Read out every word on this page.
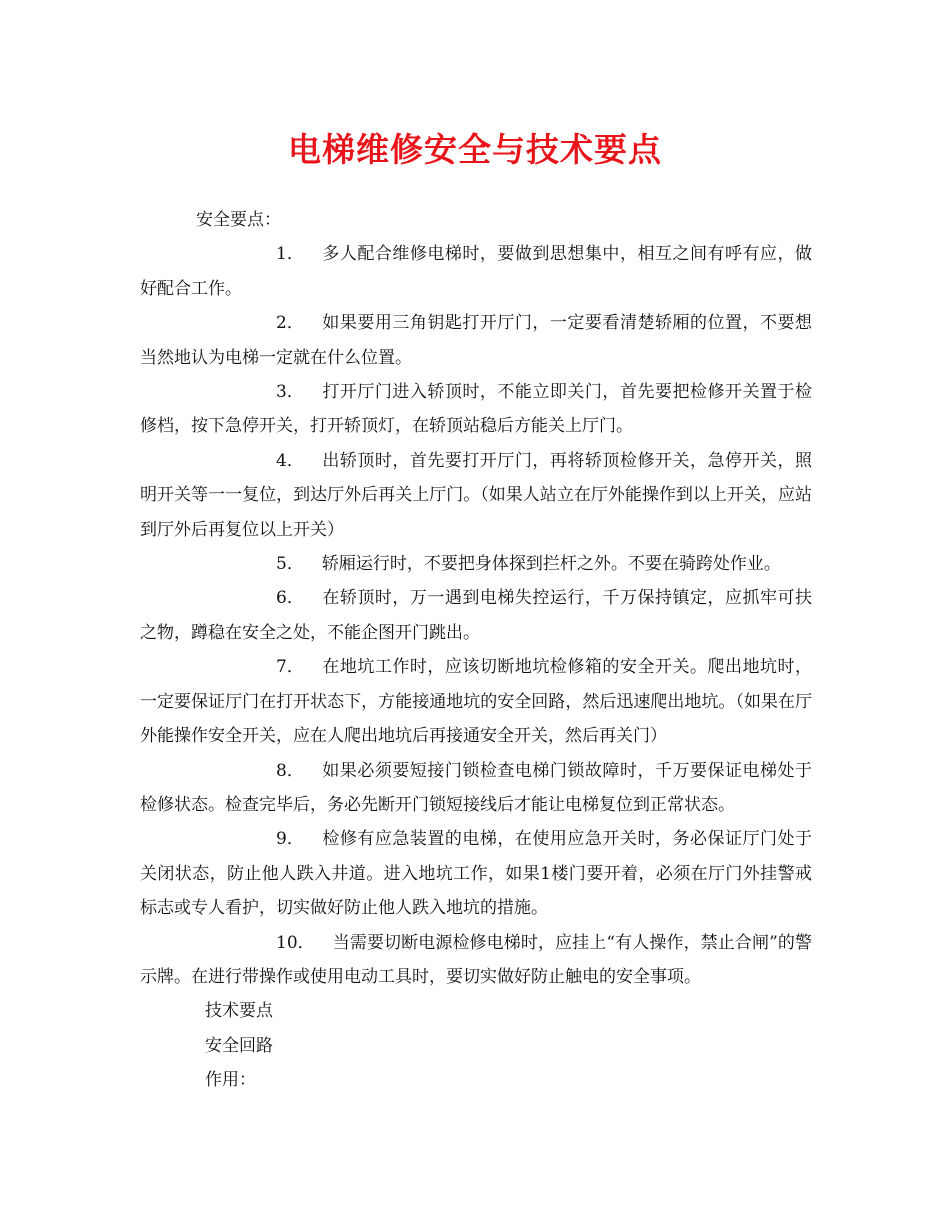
电梯维修安全与技术要点

安全要点：

1． 多人配合维修电梯时，要做到思想集中，相互之间有呼有应，做好配合工作。

2． 如果要用三角钥匙打开厅门，一定要看清楚轿厢的位置，不要想当然地认为电梯一定就在什么位置。

3． 打开厅门进入轿顶时，不能立即关门，首先要把检修开关置于检修档，按下急停开关，打开轿顶灯，在轿顶站稳后方能关上厅门。

4． 出轿顶时，首先要打开厅门，再将轿顶检修开关，急停开关，照明开关等一一复位，到达厅外后再关上厅门。（如果人站立在厅外能操作到以上开关，应站到厅外后再复位以上开关）

5． 轿厢运行时，不要把身体探到拦杆之外。不要在骑跨处作业。

6． 在轿顶时，万一遇到电梯失控运行，千万保持镇定，应抓牢可扶之物，蹲稳在安全之处，不能企图开门跳出。

7． 在地坑工作时，应该切断地坑检修箱的安全开关。爬出地坑时，一定要保证厅门在打开状态下，方能接通地坑的安全回路，然后迅速爬出地坑。（如果在厅外能操作安全开关，应在人爬出地坑后再接通安全开关，然后再关门）

8． 如果必须要短接门锁检查电梯门锁故障时，千万要保证电梯处于检修状态。检查完毕后，务必先断开门锁短接线后才能让电梯复位到正常状态。

9． 检修有应急装置的电梯，在使用应急开关时，务必保证厅门处于关闭状态，防止他人跌入井道。进入地坑工作，如果1楼门要开着，必须在厅门外挂警戒标志或专人看护，切实做好防止他人跌入地坑的措施。

10． 当需要切断电源检修电梯时，应挂上“有人操作，禁止合闸”的警示牌。在进行带操作或使用电动工具时，要切实做好防止触电的安全事项。

技术要点

安全回路

作用：
